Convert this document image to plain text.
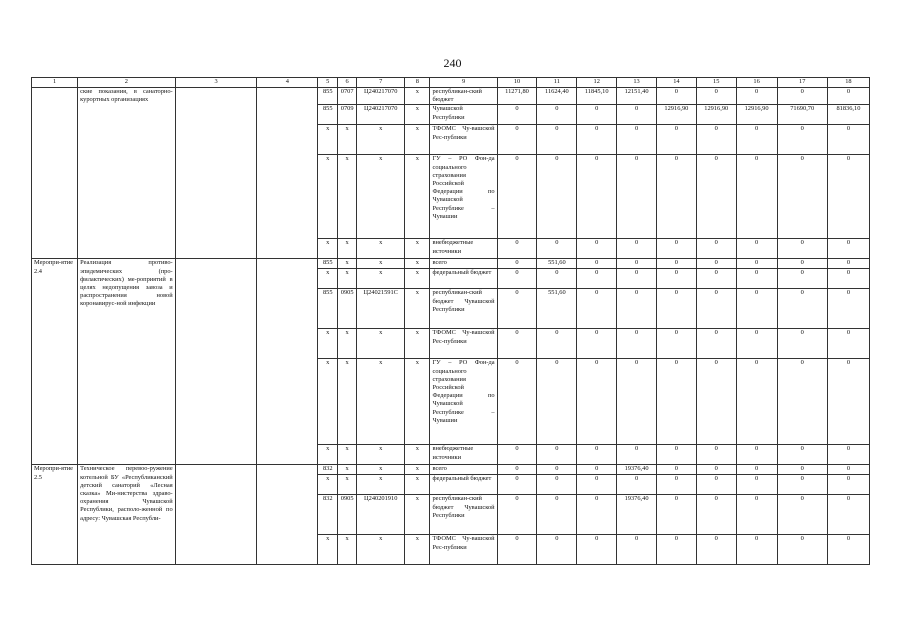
240
1	2	3	4	5	6	7	8	9	10	11	12	13	14	15	16	17	18
	ские показания, в санаторно-курортных организациях			855	0707	Ц240217070	х	республикан-ский бюджет	11271,80	11624,40	11845,10	12151,40	0	0	0	0	0
				855	0709	Ц240217070	х	Чувашской Республики	0	0	0	0	12916,90	12916,90	12916,90	71690,70	81836,10
				х	х	х	х	ТФОМС Чу-вашской Рес-публики	0	0	0	0	0	0	0	0	0
				х	х	х	х	ГУ – РО Фон-да социального страхования Российской Федерации по Чувашской Республике – Чувашии	0	0	0	0	0	0	0	0	0
				х	х	х	х	внебюджетные источники	0	0	0	0	0	0	0	0	0
Меропри-ятие 2.4	Реализация противо-эпидемических (про-филактических) ме-роприятий в целях недопущения завоза и распространения новой коронавирус-ной инфекции			855	х	х	х	всего	0	551,60	0	0	0	0	0	0	0
				х	х	х	х	федеральный бюджет	0	0	0	0	0	0	0	0	0
				855	0905	Ц24021591С	х	республикан-ский бюджет Чувашской Республики	0	551,60	0	0	0	0	0	0	0
				х	х	х	х	ТФОМС Чу-вашской Рес-публики	0	0	0	0	0	0	0	0	0
				х	х	х	х	ГУ – РО Фон-да социального страхования Российской Федерации по Чувашской Республике – Чувашии	0	0	0	0	0	0	0	0	0
				х	х	х	х	внебюджетные источники	0	0	0	0	0	0	0	0	0
Меропри-ятие 2.5	Техническое перевоо-ружение котельной БУ «Республиканский детский санаторий «Лесная сказка» Ми-нистерства здраво-охранения Чувашской Республики, располо-женной по адресу: Чувашская Республи-			832	х	х	х	всего	0	0	0	19376,40	0	0	0	0	0
				х	х	х	х	федеральный бюджет	0	0	0	0	0	0	0	0	0
				832	0905	Ц240201910	х	республикан-ский бюджет Чувашской Республики	0	0	0	19376,40	0	0	0	0	0
				х	х	х	х	ТФОМС Чу-вашской Рес-публики	0	0	0	0	0	0	0	0	0
